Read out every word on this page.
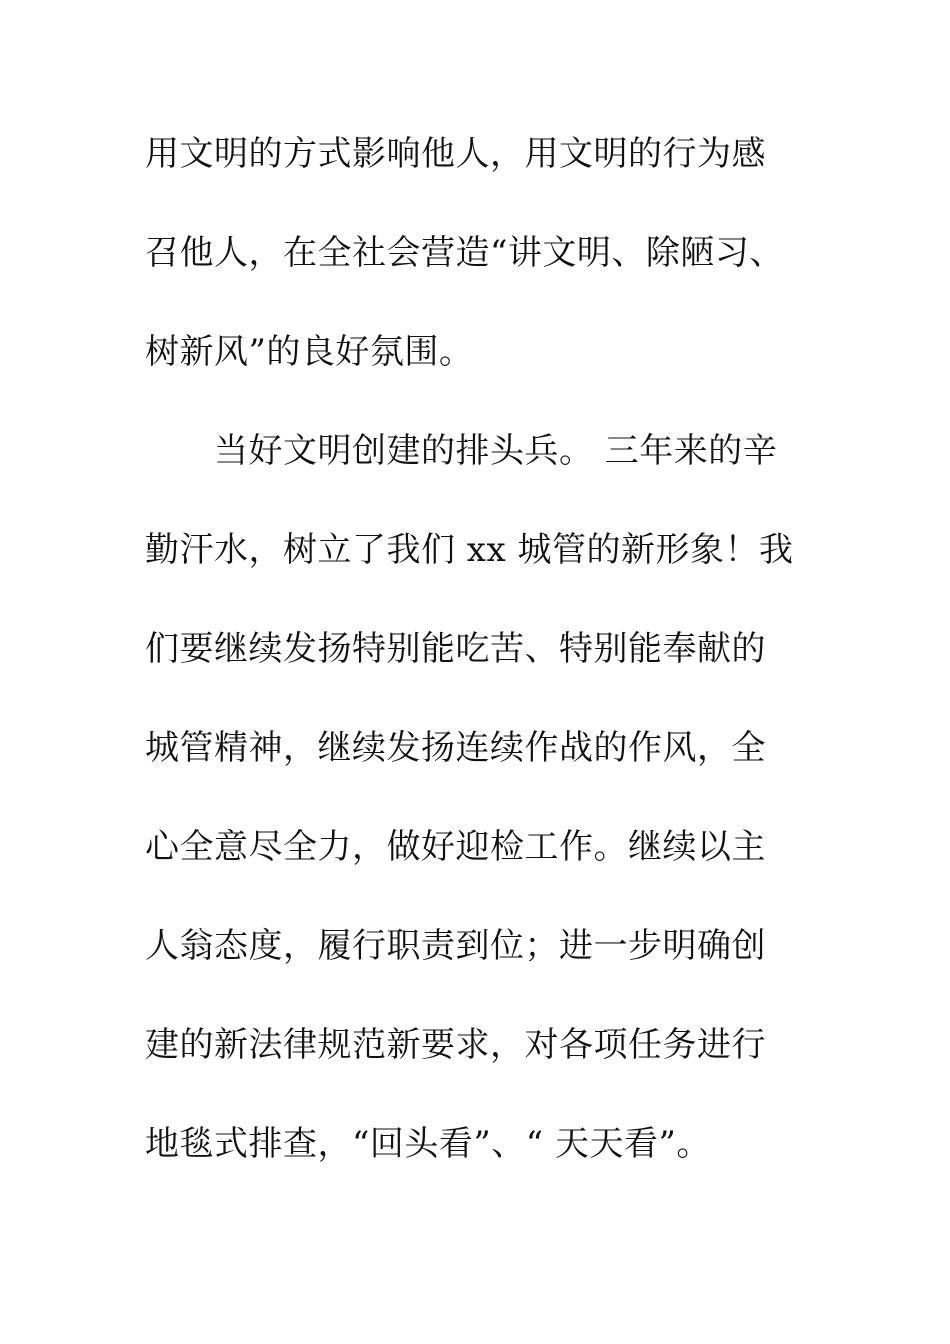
用文明的方式影响他人，用文明的行为感
召他人，在全社会营造“讲文明、除陋习、
树新风”的良好氛围。
当好文明创建的排头兵。 三年来的辛
勤汗水，树立了我们 xx 城管的新形象！我
们要继续发扬特别能吃苦、特别能奉献的
城管精神，继续发扬连续作战的作风，全
心全意尽全力，做好迎检工作。继续以主
人翁态度，履行职责到位；进一步明确创
建的新法律规范新要求，对各项任务进行
地毯式排查，“回头看”、“ 天天看”。
